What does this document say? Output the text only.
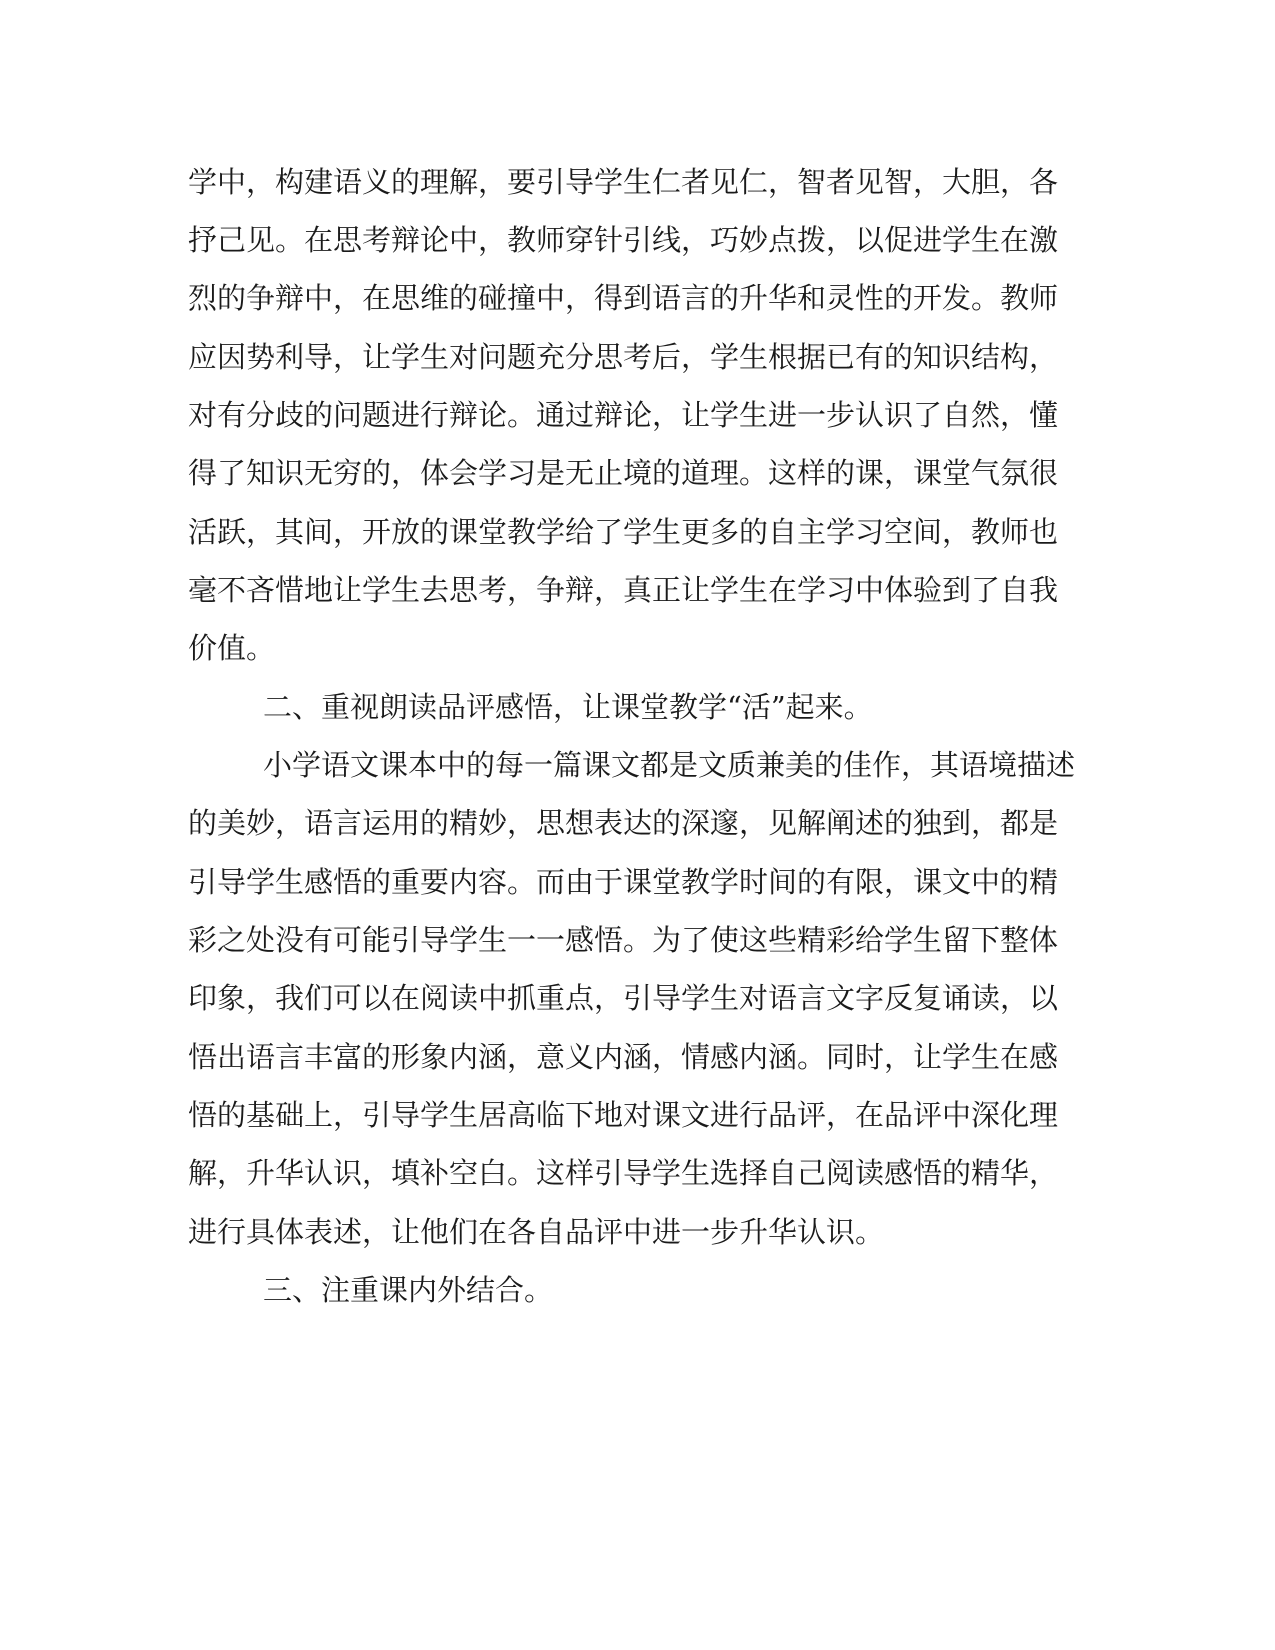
学中，构建语义的理解，要引导学生仁者见仁，智者见智，大胆，各
抒己见。在思考辩论中，教师穿针引线，巧妙点拨，以促进学生在激
烈的争辩中，在思维的碰撞中，得到语言的升华和灵性的开发。教师
应因势利导，让学生对问题充分思考后，学生根据已有的知识结构，
对有分歧的问题进行辩论。通过辩论，让学生进一步认识了自然，懂
得了知识无穷的，体会学习是无止境的道理。这样的课，课堂气氛很
活跃，其间，开放的课堂教学给了学生更多的自主学习空间，教师也
毫不吝惜地让学生去思考，争辩，真正让学生在学习中体验到了自我
价值。
二、重视朗读品评感悟，让课堂教学“活”起来。
小学语文课本中的每一篇课文都是文质兼美的佳作，其语境描述
的美妙，语言运用的精妙，思想表达的深邃，见解阐述的独到，都是
引导学生感悟的重要内容。而由于课堂教学时间的有限，课文中的精
彩之处没有可能引导学生一一感悟。为了使这些精彩给学生留下整体
印象，我们可以在阅读中抓重点，引导学生对语言文字反复诵读，以
悟出语言丰富的形象内涵，意义内涵，情感内涵。同时，让学生在感
悟的基础上，引导学生居高临下地对课文进行品评，在品评中深化理
解，升华认识，填补空白。这样引导学生选择自己阅读感悟的精华，
进行具体表述，让他们在各自品评中进一步升华认识。
三、注重课内外结合。
